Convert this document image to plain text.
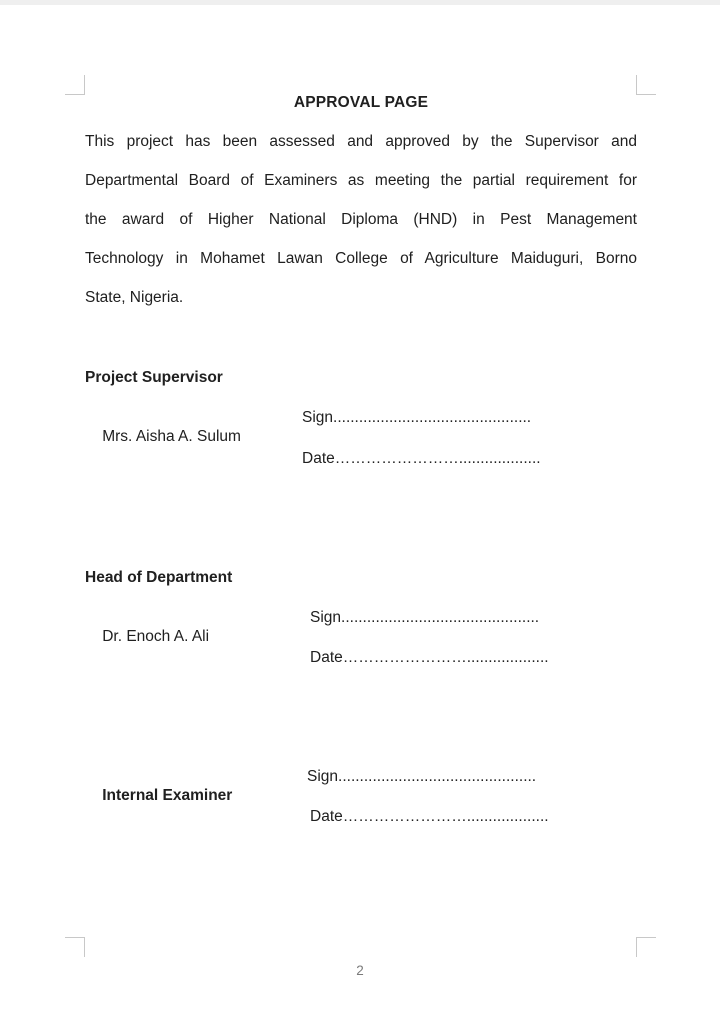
APPROVAL PAGE
This project has been assessed and approved by the Supervisor and
Departmental Board of Examiners as meeting the partial requirement for
the award of Higher National Diploma (HND) in Pest Management
Technology in Mohamet Lawan College of Agriculture Maiduguri, Borno
State, Nigeria.
Project Supervisor

Mrs. Aisha A. Sulum

Sign..............................................

Date……………………...................

Head of Department

Dr. Enoch A. Ali

Sign..............................................

Date……………………...................

Internal Examiner

Sign..............................................

Date……………………...................

2
